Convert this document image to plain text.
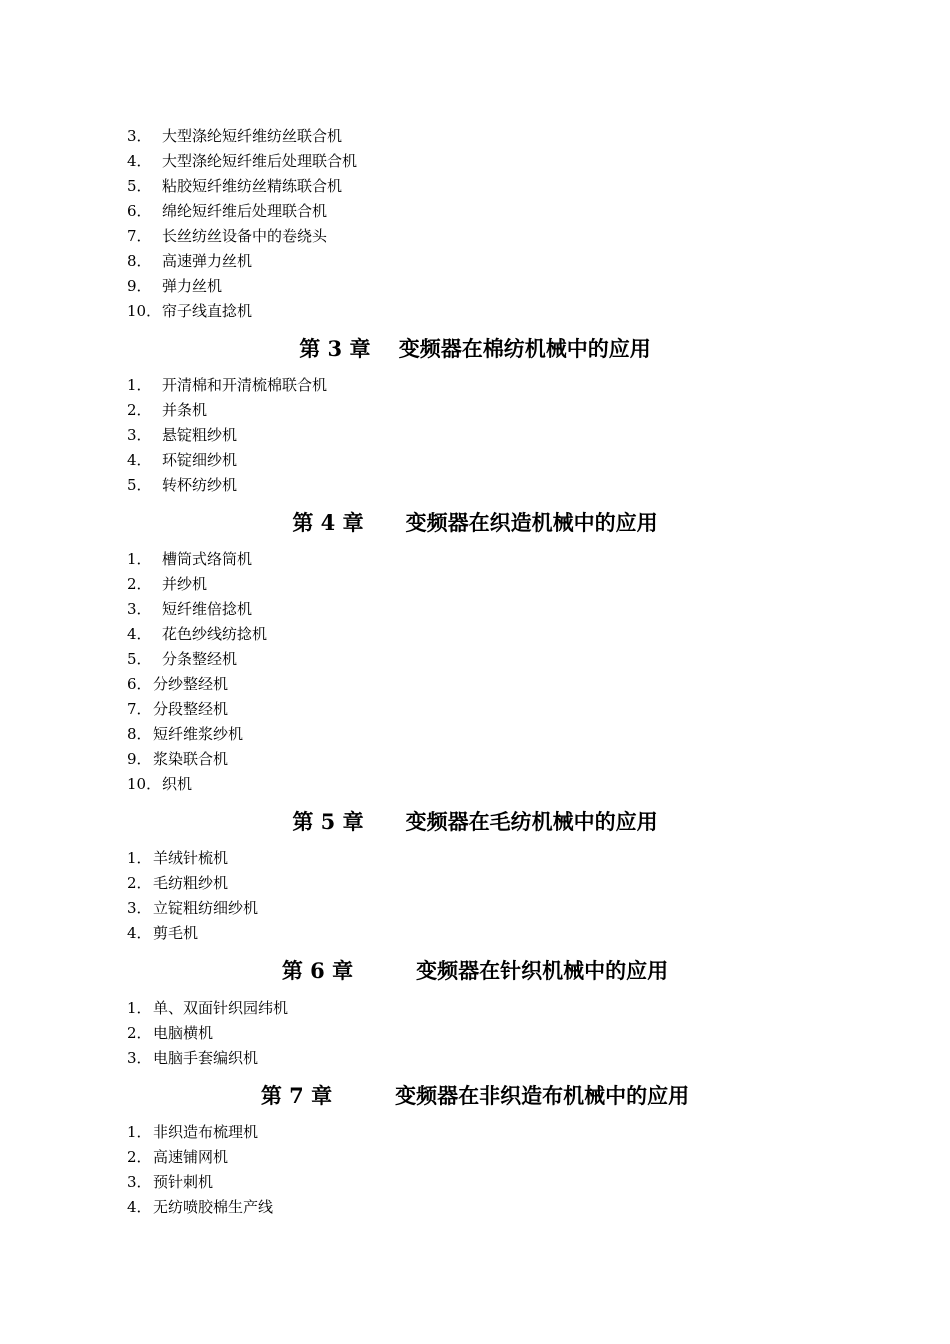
3． 大型涤纶短纤维纺丝联合机
4． 大型涤纶短纤维后处理联合机
5． 粘胶短纤维纺丝精练联合机
6． 绵纶短纤维后处理联合机
7． 长丝纺丝设备中的卷绕头
8． 高速弹力丝机
9． 弹力丝机
10．帘子线直捻机
第 3 章　 变频器在棉纺机械中的应用
1． 开清棉和开清梳棉联合机
2． 并条机
3． 悬锭粗纱机
4． 环锭细纱机
5． 转杯纺纱机
第 4 章　　变频器在织造机械中的应用
1． 槽筒式络筒机
2． 并纱机
3． 短纤维倍捻机
4． 花色纱线纺捻机
5． 分条整经机
6．分纱整经机
7．分段整经机
8．短纤维浆纱机
9．浆染联合机
10．织机
第 5 章　　变频器在毛纺机械中的应用
1．羊绒针梳机
2．毛纺粗纱机
3．立锭粗纺细纱机
4．剪毛机
第 6 章　　　变频器在针织机械中的应用
1．单、双面针织园纬机
2．电脑横机
3．电脑手套编织机
第 7 章　　　变频器在非织造布机械中的应用
1．非织造布梳理机
2．高速铺网机
3．预针刺机
4．无纺喷胶棉生产线
